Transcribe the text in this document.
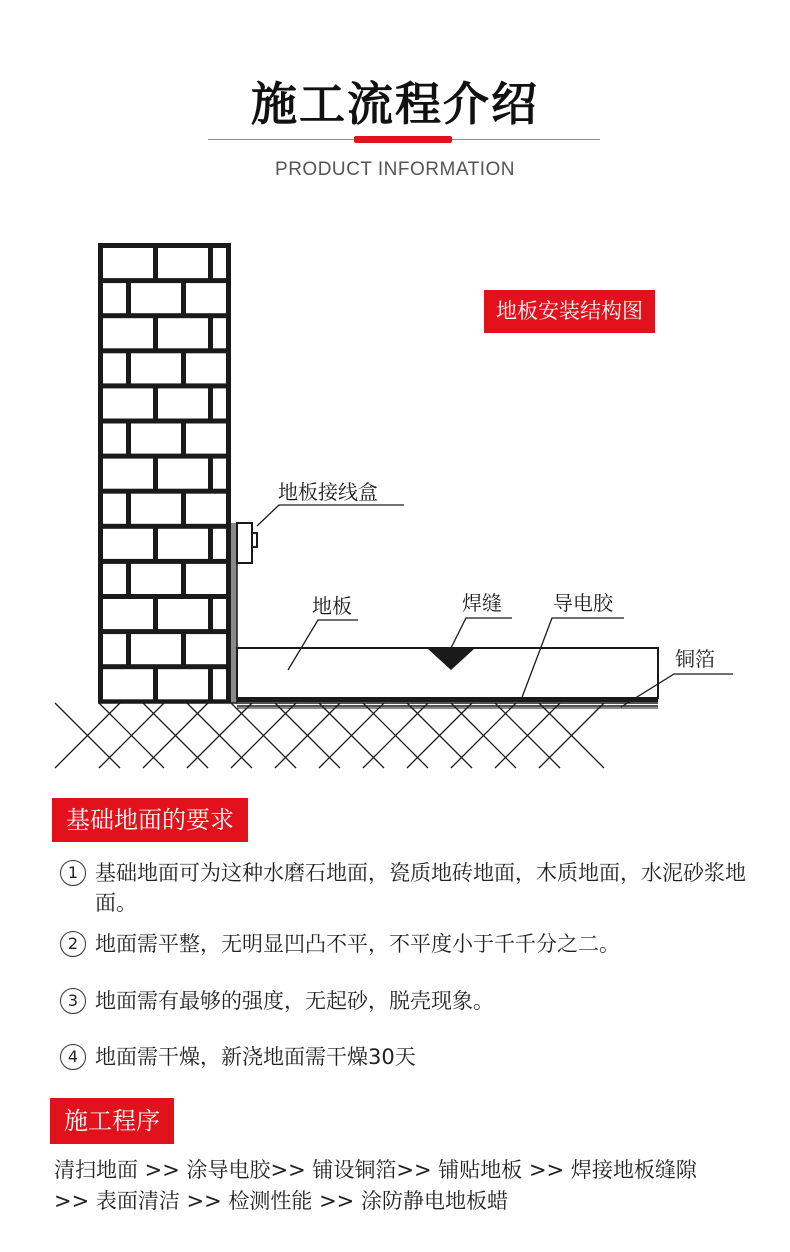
施工流程介绍
PRODUCT INFORMATION
地板接线盒
地板	焊缝	导电胶
铜箔
地板安装结构图
基础地面的要求
1 基础地面可为这种水磨石地面，瓷质地砖地面，木质地面，水泥砂浆地面。
2 地面需平整，无明显凹凸不平，不平度小于千千分之二。
3 地面需有最够的强度，无起砂，脱壳现象。
4 地面需干燥，新浇地面需干燥30天
施工程序
清扫地面 >> 涂导电胶>> 铺设铜箔>> 铺贴地板 >> 焊接地板缝隙
>> 表面清洁 >> 检测性能 >> 涂防静电地板蜡
